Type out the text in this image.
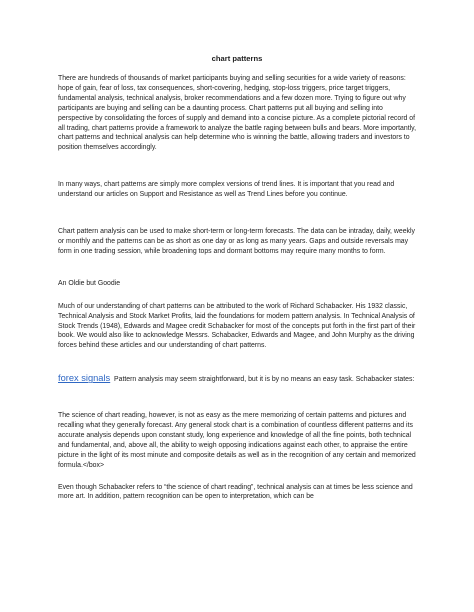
chart patterns

There are hundreds of thousands of market participants buying and selling securities for a wide variety of reasons: hope of gain, fear of loss, tax consequences, short-covering, hedging, stop-loss triggers, price target triggers, fundamental analysis, technical analysis, broker recommendations and a few dozen more. Trying to figure out why participants are buying and selling can be a daunting process. Chart patterns put all buying and selling into perspective by consolidating the forces of supply and demand into a concise picture. As a complete pictorial record of all trading, chart patterns provide a framework to analyze the battle raging between bulls and bears. More importantly, chart patterns and technical analysis can help determine who is winning the battle, allowing traders and investors to position themselves accordingly.

In many ways, chart patterns are simply more complex versions of trend lines. It is important that you read and understand our articles on Support and Resistance as well as Trend Lines before you continue.

Chart pattern analysis can be used to make short-term or long-term forecasts. The data can be intraday, daily, weekly or monthly and the patterns can be as short as one day or as long as many years. Gaps and outside reversals may form in one trading session, while broadening tops and dormant bottoms may require many months to form.

An Oldie but Goodie

Much of our understanding of chart patterns can be attributed to the work of Richard Schabacker. His 1932 classic, Technical Analysis and Stock Market Profits, laid the foundations for modern pattern analysis. In Technical Analysis of Stock Trends (1948), Edwards and Magee credit Schabacker for most of the concepts put forth in the first part of their book. We would also like to acknowledge Messrs. Schabacker, Edwards and Magee, and John Murphy as the driving forces behind these articles and our understanding of chart patterns.

forex signals Pattern analysis may seem straightforward, but it is by no means an easy task. Schabacker states:

The science of chart reading, however, is not as easy as the mere memorizing of certain patterns and pictures and recalling what they generally forecast. Any general stock chart is a combination of countless different patterns and its accurate analysis depends upon constant study, long experience and knowledge of all the fine points, both technical and fundamental, and, above all, the ability to weigh opposing indications against each other, to appraise the entire picture in the light of its most minute and composite details as well as in the recognition of any certain and memorized formula.</box>

Even though Schabacker refers to “the science of chart reading”, technical analysis can at times be less science and more art. In addition, pattern recognition can be open to interpretation, which can be
